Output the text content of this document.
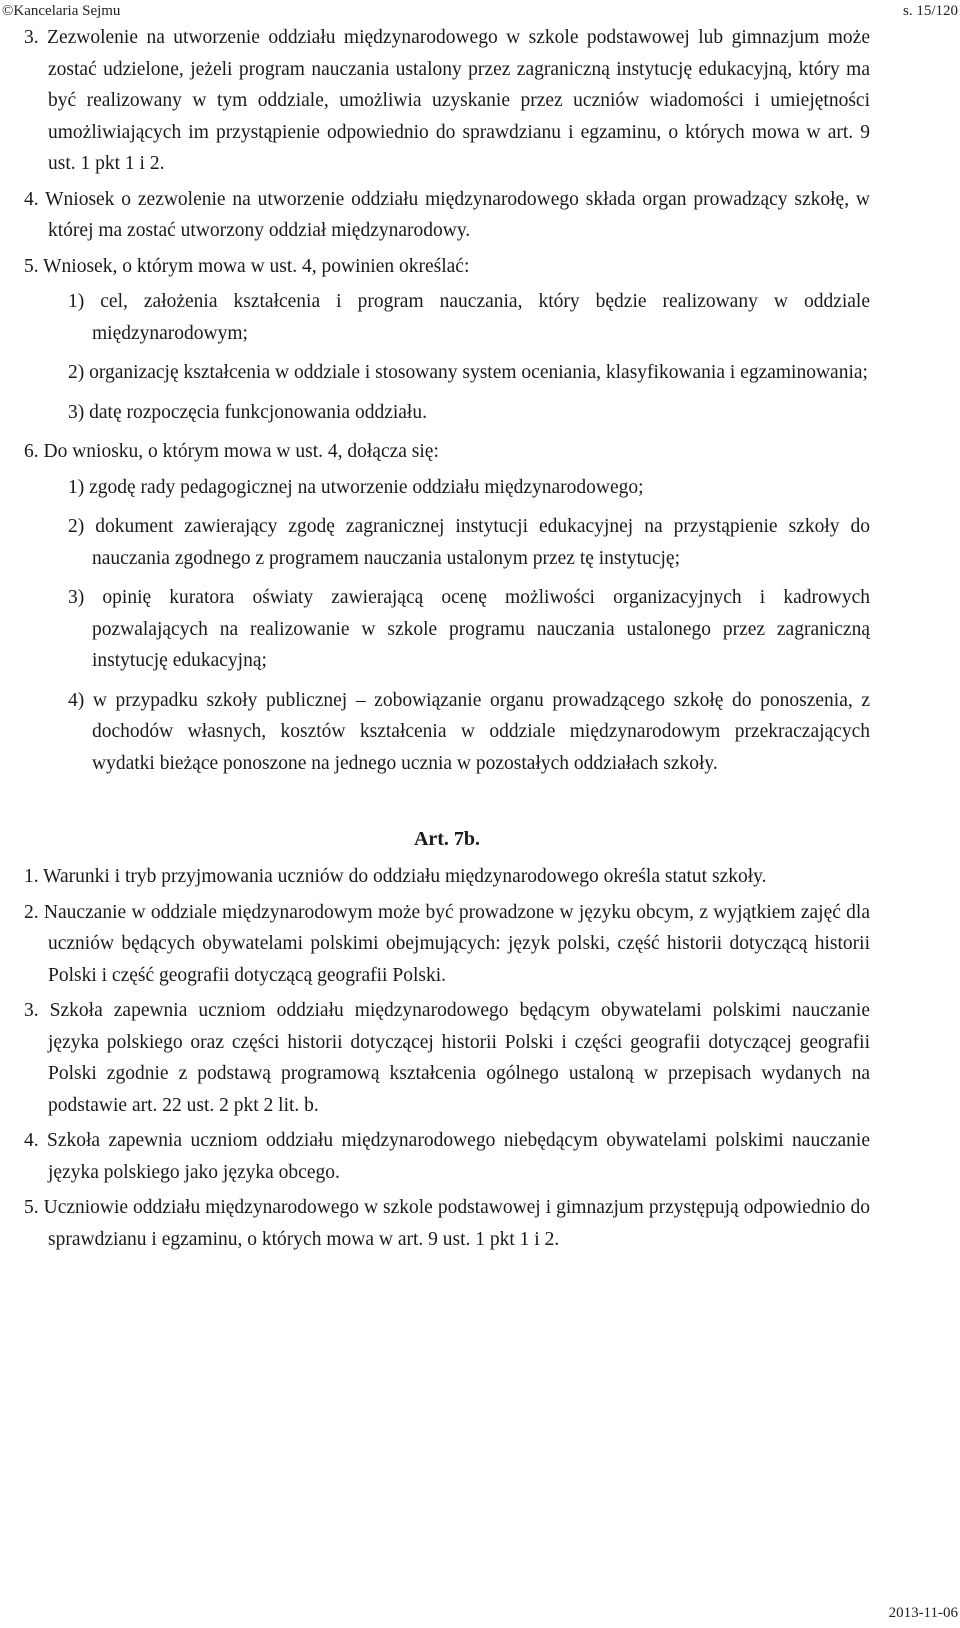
©Kancelaria Sejmu	s. 15/120

3. Zezwolenie na utworzenie oddziału międzynarodowego w szkole podstawowej lub gimnazjum może zostać udzielone, jeżeli program nauczania ustalony przez zagraniczną instytucję edukacyjną, który ma być realizowany w tym oddziale, umożliwia uzyskanie przez uczniów wiadomości i umiejętności umożliwiających im przystąpienie odpowiednio do sprawdzianu i egzaminu, o których mowa w art. 9 ust. 1 pkt 1 i 2.

4. Wniosek o zezwolenie na utworzenie oddziału międzynarodowego składa organ prowadzący szkołę, w której ma zostać utworzony oddział międzynarodowy.

5. Wniosek, o którym mowa w ust. 4, powinien określać:

1) cel, założenia kształcenia i program nauczania, który będzie realizowany w oddziale międzynarodowym;

2) organizację kształcenia w oddziale i stosowany system oceniania, klasyfikowania i egzaminowania;

3) datę rozpoczęcia funkcjonowania oddziału.

6. Do wniosku, o którym mowa w ust. 4, dołącza się:

1) zgodę rady pedagogicznej na utworzenie oddziału międzynarodowego;

2) dokument zawierający zgodę zagranicznej instytucji edukacyjnej na przystąpienie szkoły do nauczania zgodnego z programem nauczania ustalonym przez tę instytucję;

3) opinię kuratora oświaty zawierającą ocenę możliwości organizacyjnych i kadrowych pozwalających na realizowanie w szkole programu nauczania ustalonego przez zagraniczną instytucję edukacyjną;

4) w przypadku szkoły publicznej – zobowiązanie organu prowadzącego szkołę do ponoszenia, z dochodów własnych, kosztów kształcenia w oddziale międzynarodowym przekraczających wydatki bieżące ponoszone na jednego ucznia w pozostałych oddziałach szkoły.

Art. 7b.

1. Warunki i tryb przyjmowania uczniów do oddziału międzynarodowego określa statut szkoły.

2. Nauczanie w oddziale międzynarodowym może być prowadzone w języku obcym, z wyjątkiem zajęć dla uczniów będących obywatelami polskimi obejmujących: język polski, część historii dotyczącą historii Polski i część geografii dotyczącą geografii Polski.

3. Szkoła zapewnia uczniom oddziału międzynarodowego będącym obywatelami polskimi nauczanie języka polskiego oraz części historii dotyczącej historii Polski i części geografii dotyczącej geografii Polski zgodnie z podstawą programową kształcenia ogólnego ustaloną w przepisach wydanych na podstawie art. 22 ust. 2 pkt 2 lit. b.

4. Szkoła zapewnia uczniom oddziału międzynarodowego niebędącym obywatelami polskimi nauczanie języka polskiego jako języka obcego.

5. Uczniowie oddziału międzynarodowego w szkole podstawowej i gimnazjum przystępują odpowiednio do sprawdzianu i egzaminu, o których mowa w art. 9 ust. 1 pkt 1 i 2.

2013-11-06
